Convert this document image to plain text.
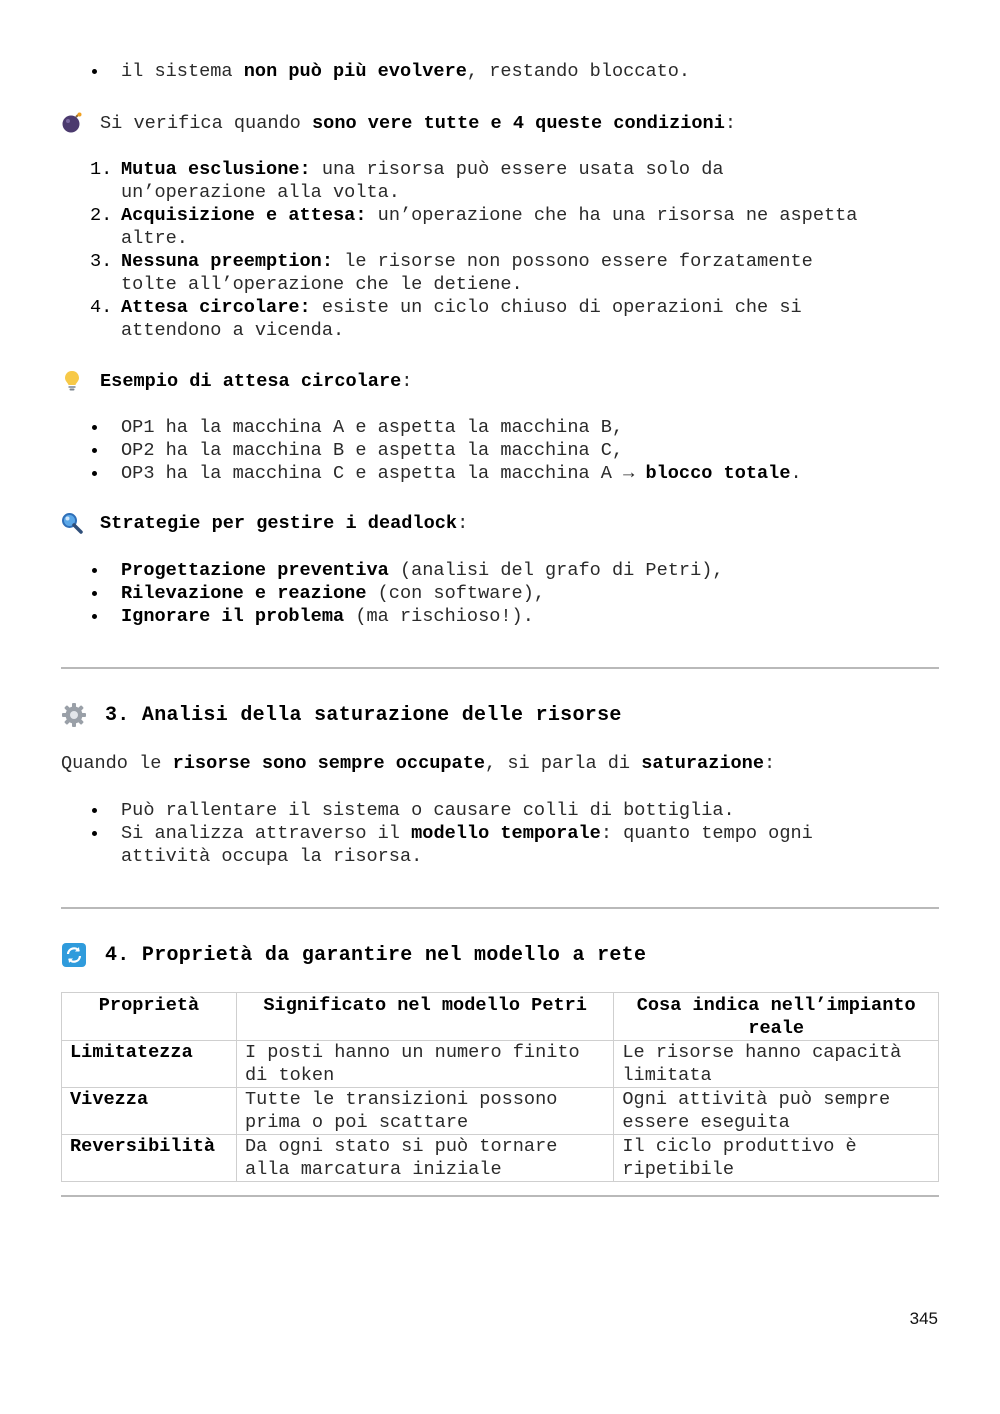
il sistema non può più evolvere, restando bloccato.
Si verifica quando sono vere tutte e 4 queste condizioni:
1. Mutua esclusione: una risorsa può essere usata solo da
un’operazione alla volta.
2. Acquisizione e attesa: un’operazione che ha una risorsa ne aspetta
altre.
3. Nessuna preemption: le risorse non possono essere forzatamente
tolte all’operazione che le detiene.
4. Attesa circolare: esiste un ciclo chiuso di operazioni che si
attendono a vicenda.
Esempio di attesa circolare:
OP1 ha la macchina A e aspetta la macchina B,
OP2 ha la macchina B e aspetta la macchina C,
OP3 ha la macchina C e aspetta la macchina A → blocco totale.
Strategie per gestire i deadlock:
Progettazione preventiva (analisi del grafo di Petri),
Rilevazione e reazione (con software),
Ignorare il problema (ma rischioso!).
3. Analisi della saturazione delle risorse
Quando le risorse sono sempre occupate, si parla di saturazione:
Può rallentare il sistema o causare colli di bottiglia.
Si analizza attraverso il modello temporale: quanto tempo ogni
attività occupa la risorsa.
4. Proprietà da garantire nel modello a rete
Proprietà	Significato nel modello Petri	Cosa indica nell’impianto reale
Limitatezza	I posti hanno un numero finito di token	Le risorse hanno capacità limitata
Vivezza	Tutte le transizioni possono prima o poi scattare	Ogni attività può sempre essere eseguita
Reversibilità	Da ogni stato si può tornare alla marcatura iniziale	Il ciclo produttivo è ripetibile
345
